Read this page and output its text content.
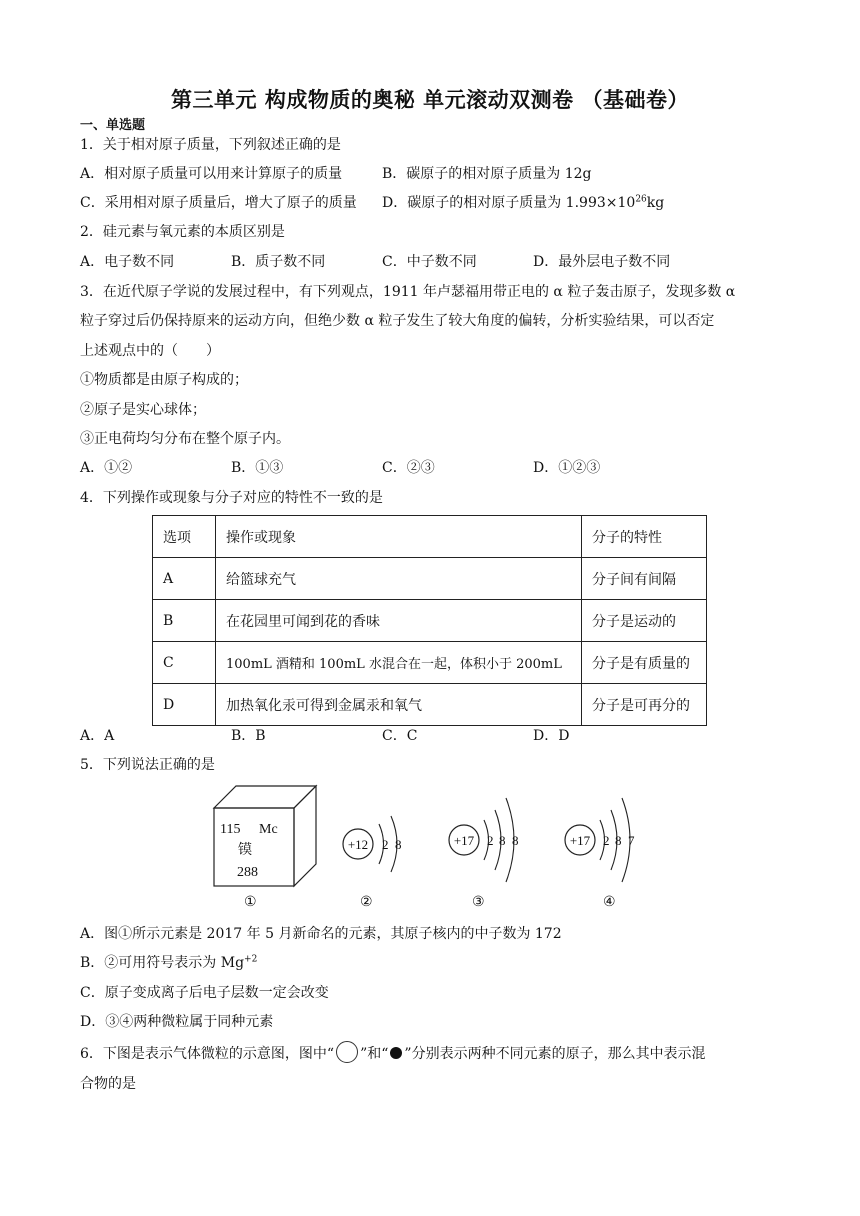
第三单元 构成物质的奥秘 单元滚动双测卷 （基础卷）
一、单选题
1．关于相对原子质量，下列叙述正确的是
A．相对原子质量可以用来计算原子的质量	B．碳原子的相对原子质量为 12g
C．采用相对原子质量后，增大了原子的质量 D．碳原子的相对原子质量为 $1.993\times 10^{26}kg$
2．硅元素与氧元素的本质区别是
A．电子数不同	B．质子数不同	C．中子数不同	D．最外层电子数不同
3．在近代原子学说的发展过程中，有下列观点，1911 年卢瑟福用带正电的 α 粒子轰击原子，发现多数 α
粒子穿过后仍保持原来的运动方向，但绝少数 α 粒子发生了较大角度的偏转，分析实验结果，可以否定
上述观点中的（　　）
①物质都是由原子构成的；
②原子是实心球体；
③正电荷均匀分布在整个原子内。
A．①②	B．①③	C．②③	D．①②③
4．下列操作或现象与分子对应的特性不一致的是
选项	操作或现象	分子的特性
A	给篮球充气	分子间有间隔
B	在花园里可闻到花的香味	分子是运动的
C	100mL 酒精和 100mL 水混合在一起，体积小于 200mL	分子是有质量的
D	加热氧化汞可得到金属汞和氧气	分子是可再分的
A．A	B．B	C．C	D．D
5．下列说法正确的是
115 Mc
镆
288
①
+12 2 8
②
+17 2 8 8
③
+17 2 8 7
④
A．图①所示元素是 2017 年 5 月新命名的元素，其原子核内的中子数为 172
B．②可用符号表示为 $Mg^{+2}$
C．原子变成离子后电子层数一定会改变
D．③④两种微粒属于同种元素
6．下图是表示气体微粒的示意图，图中“ ”和“ ”分别表示两种不同元素的原子，那么其中表示混
合物的是
